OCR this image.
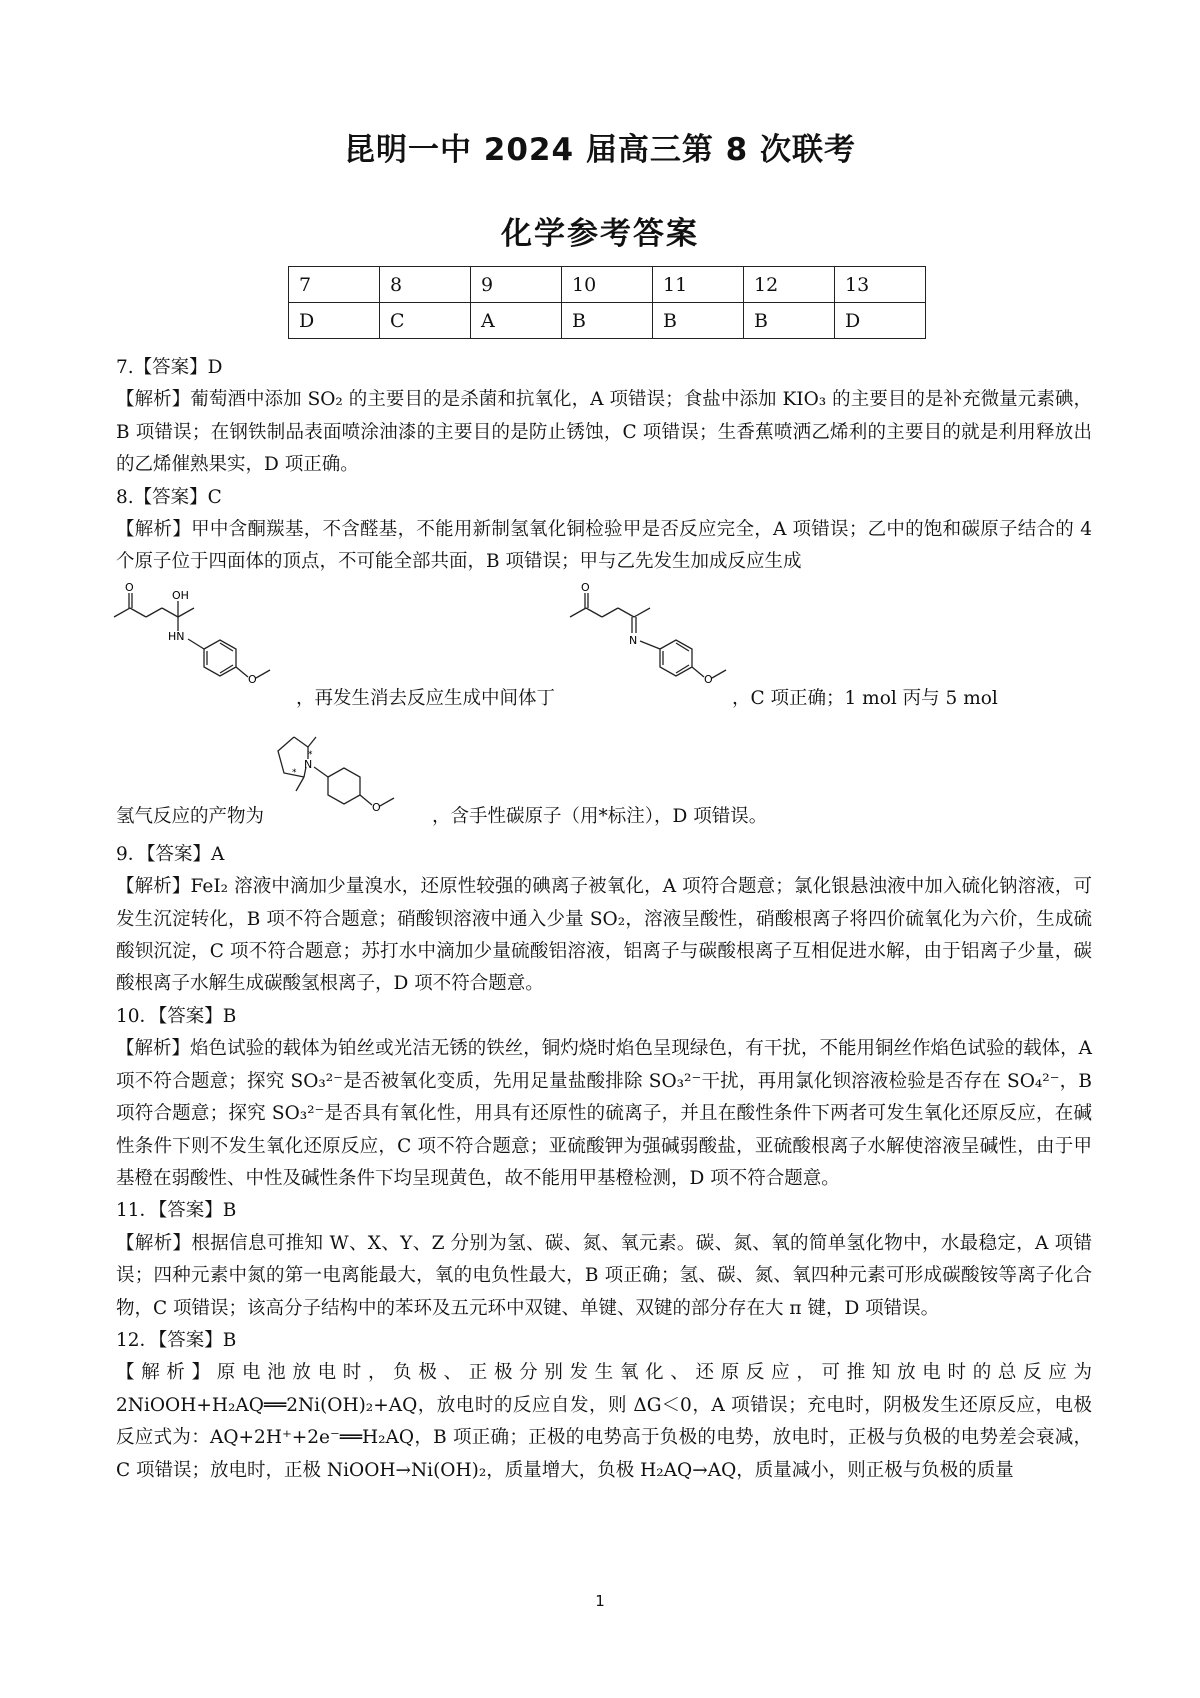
昆明一中 2024 届高三第 8 次联考
化学参考答案
7	8	9	10	11	12	13
D	C	A	B	B	B	D

7.【答案】D

【解析】葡萄酒中添加 SO₂ 的主要目的是杀菌和抗氧化，A 项错误；食盐中添加 KIO₃ 的主要目的是补充微量元素碘，B 项错误；在钢铁制品表面喷涂油漆的主要目的是防止锈蚀，C 项错误；生香蕉喷洒乙烯利的主要目的就是利用释放出的乙烯催熟果实，D 项正确。

8.【答案】C

【解析】甲中含酮羰基，不含醛基，不能用新制氢氧化铜检验甲是否反应完全，A 项错误；乙中的饱和碳原子结合的 4 个原子位于四面体的顶点，不可能全部共面，B 项错误；甲与乙先发生加成反应生成

O
OH
HN
O
，再发生消去反应生成中间体丁
O
N
O
，C 项正确；1 mol 丙与 5 mol
氢气反应的产物为
N
*
*
O	，含手性碳原子（用*标注），D 项错误。

9．【答案】A

【解析】FeI₂ 溶液中滴加少量溴水，还原性较强的碘离子被氧化，A 项符合题意；氯化银悬浊液中加入硫化钠溶液，可发生沉淀转化，B 项不符合题意；硝酸钡溶液中通入少量 SO₂，溶液呈酸性，硝酸根离子将四价硫氧化为六价，生成硫酸钡沉淀，C 项不符合题意；苏打水中滴加少量硫酸铝溶液，铝离子与碳酸根离子互相促进水解，由于铝离子少量，碳酸根离子水解生成碳酸氢根离子，D 项不符合题意。

10．【答案】B

【解析】焰色试验的载体为铂丝或光洁无锈的铁丝，铜灼烧时焰色呈现绿色，有干扰，不能用铜丝作焰色试验的载体，A 项不符合题意；探究 SO₃²⁻是否被氧化变质，先用足量盐酸排除 SO₃²⁻干扰，再用氯化钡溶液检验是否存在 SO₄²⁻，B 项符合题意；探究 SO₃²⁻是否具有氧化性，用具有还原性的硫离子，并且在酸性条件下两者可发生氧化还原反应，在碱性条件下则不发生氧化还原反应，C 项不符合题意；亚硫酸钾为强碱弱酸盐，亚硫酸根离子水解使溶液呈碱性，由于甲基橙在弱酸性、中性及碱性条件下均呈现黄色，故不能用甲基橙检测，D 项不符合题意。

11．【答案】B

【解析】根据信息可推知 W、X、Y、Z 分别为氢、碳、氮、氧元素。碳、氮、氧的简单氢化物中，水最稳定，A 项错误；四种元素中氮的第一电离能最大，氧的电负性最大，B 项正确；氢、碳、氮、氧四种元素可形成碳酸铵等离子化合物，C 项错误；该高分子结构中的苯环及五元环中双键、单键、双键的部分存在大 π 键，D 项错误。

12．【答案】B

【解析】原电池放电时，负极、正极分别发生氧化、还原反应，可推知放电时的总反应为 2NiOOH+H₂AQ══2Ni(OH)₂+AQ，放电时的反应自发，则 ΔG＜0，A 项错误；充电时，阴极发生还原反应，电极反应式为：AQ+2H⁺+2e⁻══H₂AQ，B 项正确；正极的电势高于负极的电势，放电时，正极与负极的电势差会衰减，C 项错误；放电时，正极 NiOOH→Ni(OH)₂，质量增大，负极 H₂AQ→AQ，质量减小，则正极与负极的质量

1
